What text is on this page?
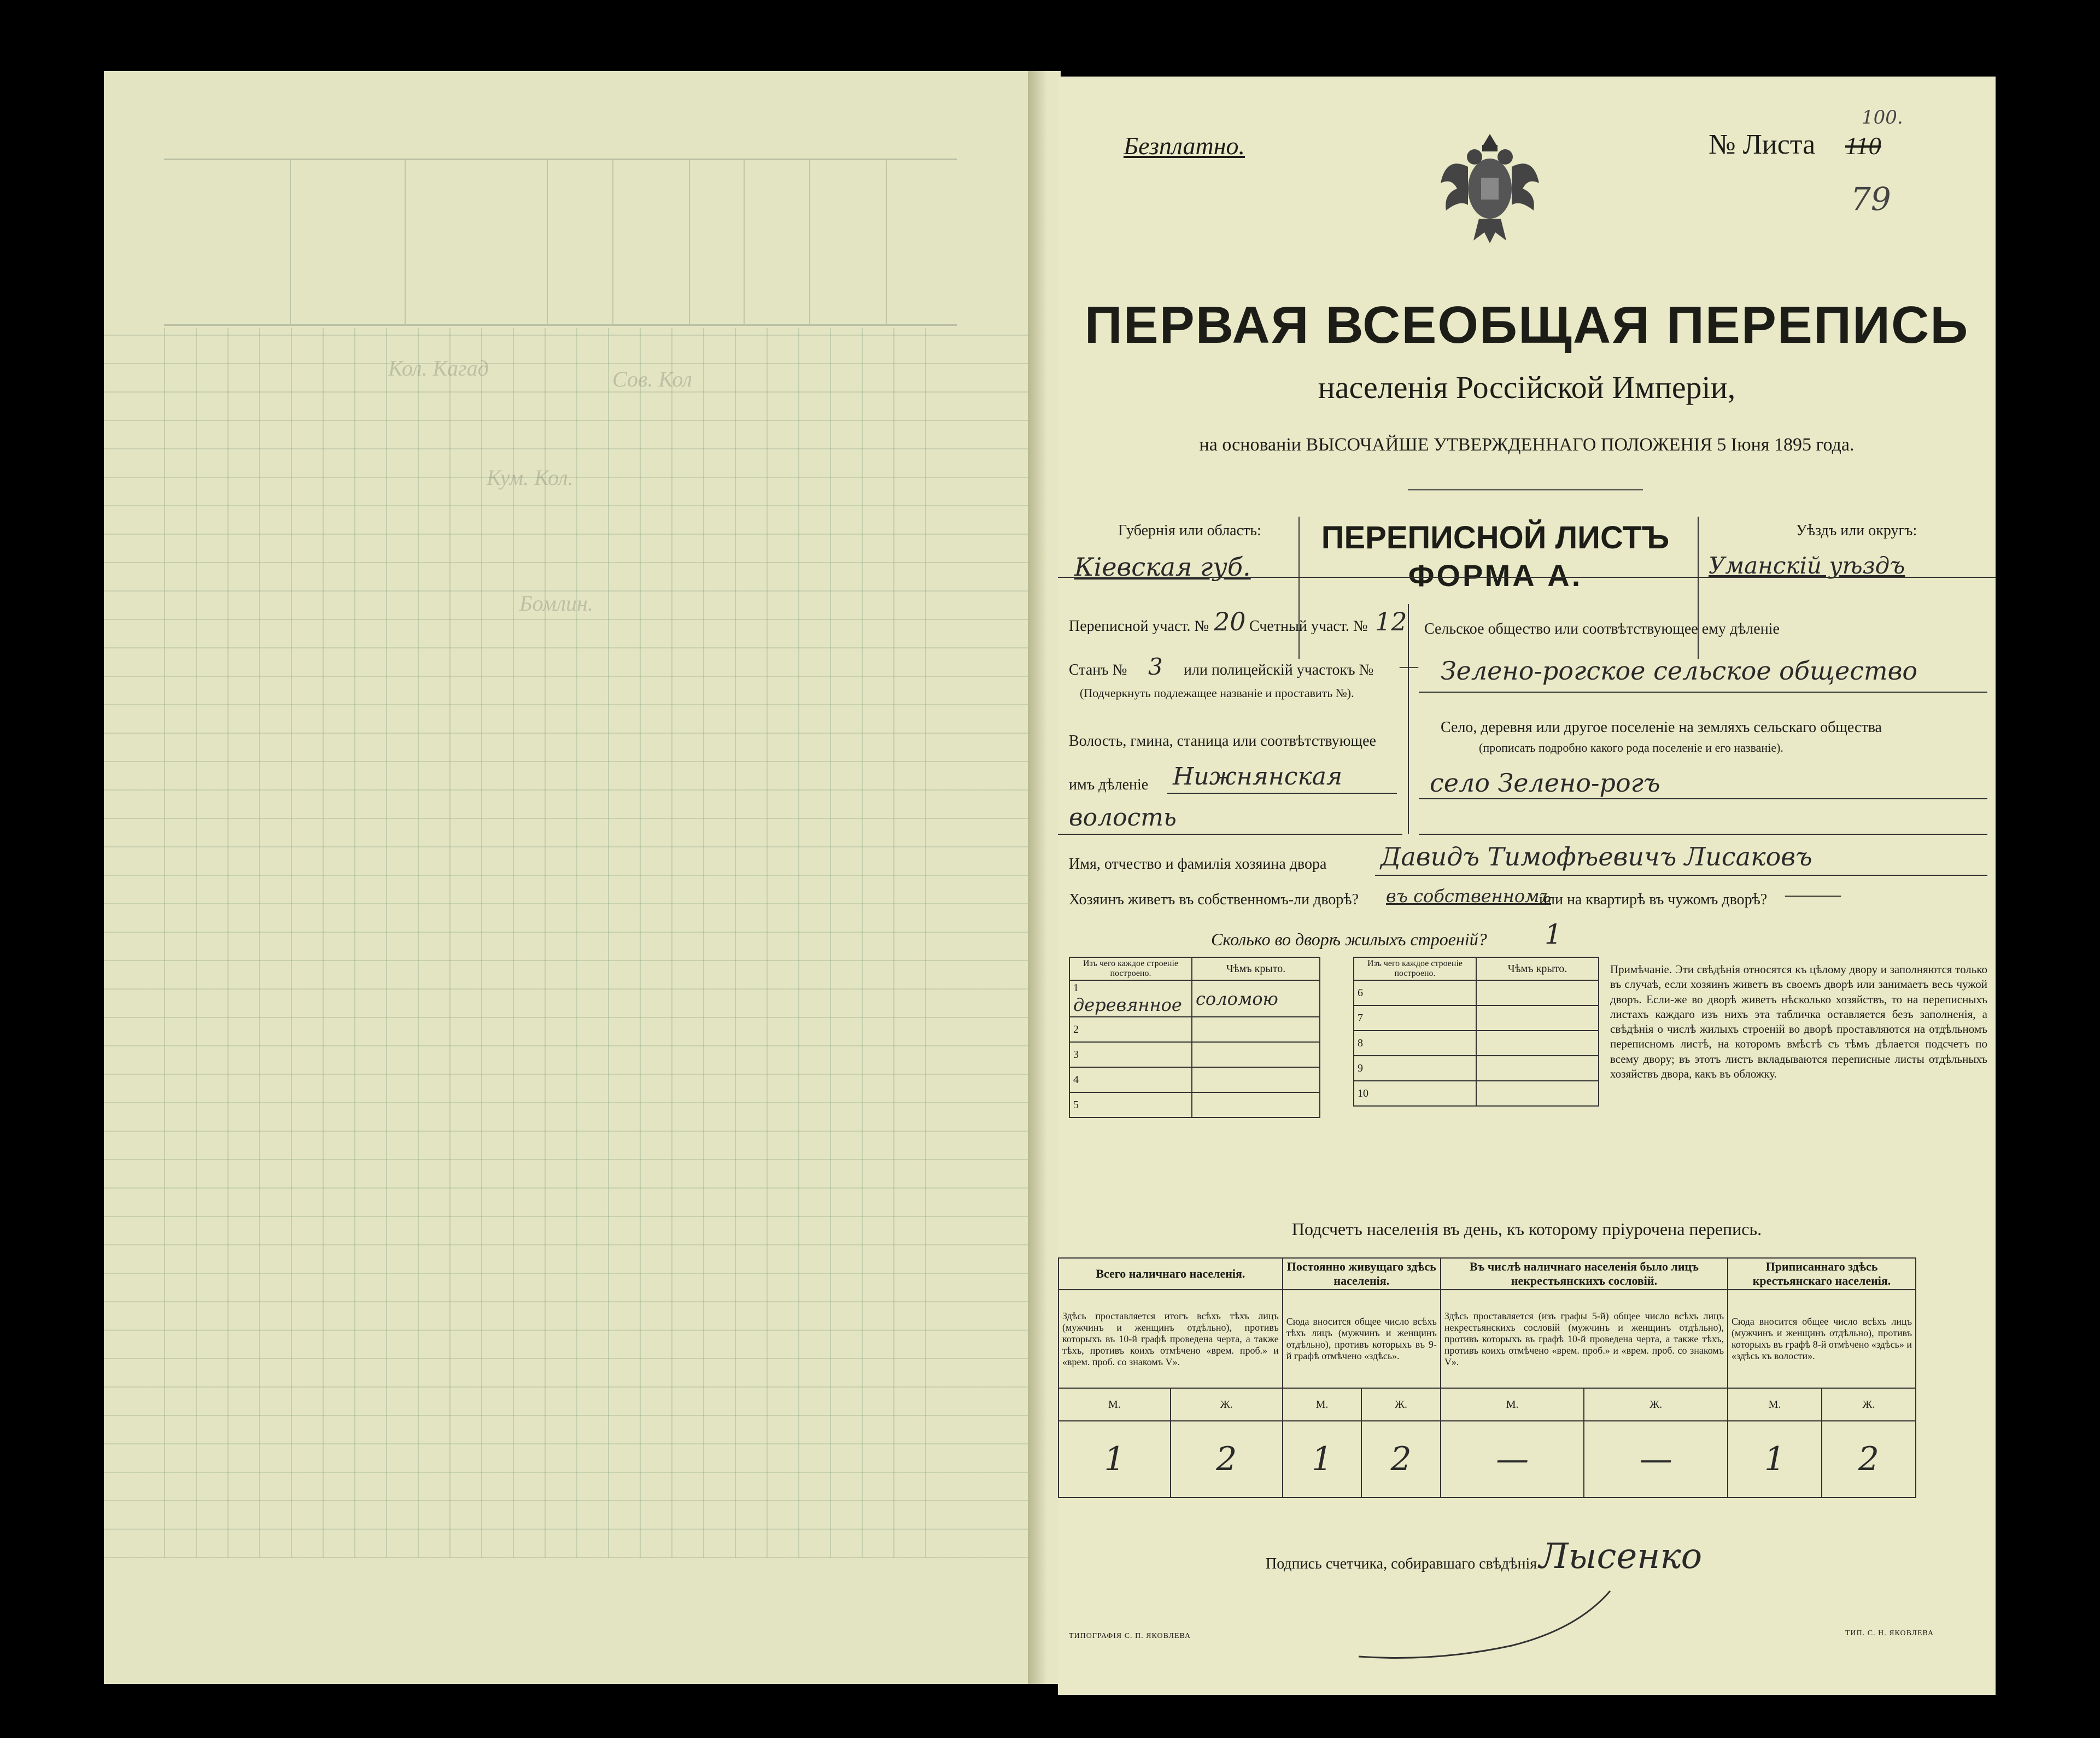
Кол. Кагад	Сов. Кол
Кум. Кол.
Бомлин.
Безплатно.	№ Листа 110
100.
79
ПЕРВАЯ ВСЕОБЩАЯ ПЕРЕПИСЬ
населенія Россійской Имперіи,
на основаніи ВЫСОЧАЙШЕ УТВЕРЖДЕННАГО ПОЛОЖЕНІЯ 5 Іюня 1895 года.
Губернія или область:
Кіевская губ.
ПЕРЕПИСНОЙ ЛИСТЪ
ФОРМА А.
Уѣздъ или округъ:
Уманскій уѣздъ
Переписной участ. № 20 Счетный участ. № 12
Станъ № 3 или полицейскій участокъ № —
(Подчеркнуть подлежащее названіе и проставить №).
Волость, гмина, станица или соотвѣтствующее
имъ дѣленіе Нижнянская
волость
Сельское общество или соотвѣтствующее ему дѣленіе
Зелено-рогское сельское общество
Село, деревня или другое поселеніе на земляхъ сельскаго общества
(прописать подробно какого рода поселеніе и его названіе).
село Зелено-рогъ
Имя, отчество и фамилія хозяина двора Давидъ Тимофѣевичъ Лисаковъ
Хозяинъ живетъ въ собственномъ-ли дворѣ? въ собственномъ
или на квартирѣ въ чужомъ дворѣ? ———
Сколько во дворѣ жилыхъ строеній? 1
Изъ чего каждое строеніе построено.	Чѣмъ крыто.
1 деревянное	соломою
2	
3	
4	
5	
Изъ чего каждое строеніе построено.	Чѣмъ крыто.
6	
7	
8	
9	
10	
Примѣчаніе. Эти свѣдѣнія относятся къ цѣлому двору и заполняются только въ случаѣ, если хозяинъ живетъ въ своемъ дворѣ или занимаетъ весь чужой дворъ. Если-же во дворѣ живетъ нѣсколько хозяйствъ, то на переписныхъ листахъ каждаго изъ нихъ эта табличка оставляется безъ заполненія, а свѣдѣнія о числѣ жилыхъ строеній во дворѣ проставляются на отдѣльномъ переписномъ листѣ, на которомъ вмѣстѣ съ тѣмъ дѣлается подсчетъ по всему двору; въ этотъ листъ вкладываются переписные листы отдѣльныхъ хозяйствъ двора, какъ въ обложку.
Подсчетъ населенія въ день, къ которому пріурочена перепись.
Всего наличнаго населенія.		Постоянно живущаго здѣсь населенія.		Въ числѣ наличнаго населенія было лицъ некрестьянскихъ сословій.		Приписаннаго здѣсь крестьянскаго населенія.	
Здѣсь проставляется итогъ всѣхъ тѣхъ лицъ (мужчинъ и женщинъ отдѣльно), противъ которыхъ въ 10-й графѣ проведена черта, а также тѣхъ, противъ коихъ отмѣчено «врем. проб.» и «врем. проб. со знакомъ V».		Сюда вносится общее число всѣхъ тѣхъ лицъ (мужчинъ и женщинъ отдѣльно), противъ которыхъ въ 9-й графѣ отмѣчено «здѣсь».		Здѣсь проставляется (изъ графы 5-й) общее число всѣхъ лицъ некрестьянскихъ сословій (мужчинъ и женщинъ отдѣльно), противъ которыхъ въ графѣ 10-й проведена черта, а также тѣхъ, противъ коихъ отмѣчено «врем. проб.» и «врем. проб. со знакомъ V».		Сюда вносится общее число всѣхъ лицъ (мужчинъ и женщинъ отдѣльно), противъ которыхъ въ графѣ 8-й отмѣчено «здѣсь» и «здѣсь къ волости».	
М.	Ж.	М.	Ж.	М.	Ж.	М.	Ж.
1	2	1	2	—	—	1	2
Подпись счетчика, собиравшаго свѣдѣнія Лысенко
ТИПОГРАФІЯ С. П. ЯКОВЛЕВА	ТИП. С. Н. ЯКОВЛЕВА
